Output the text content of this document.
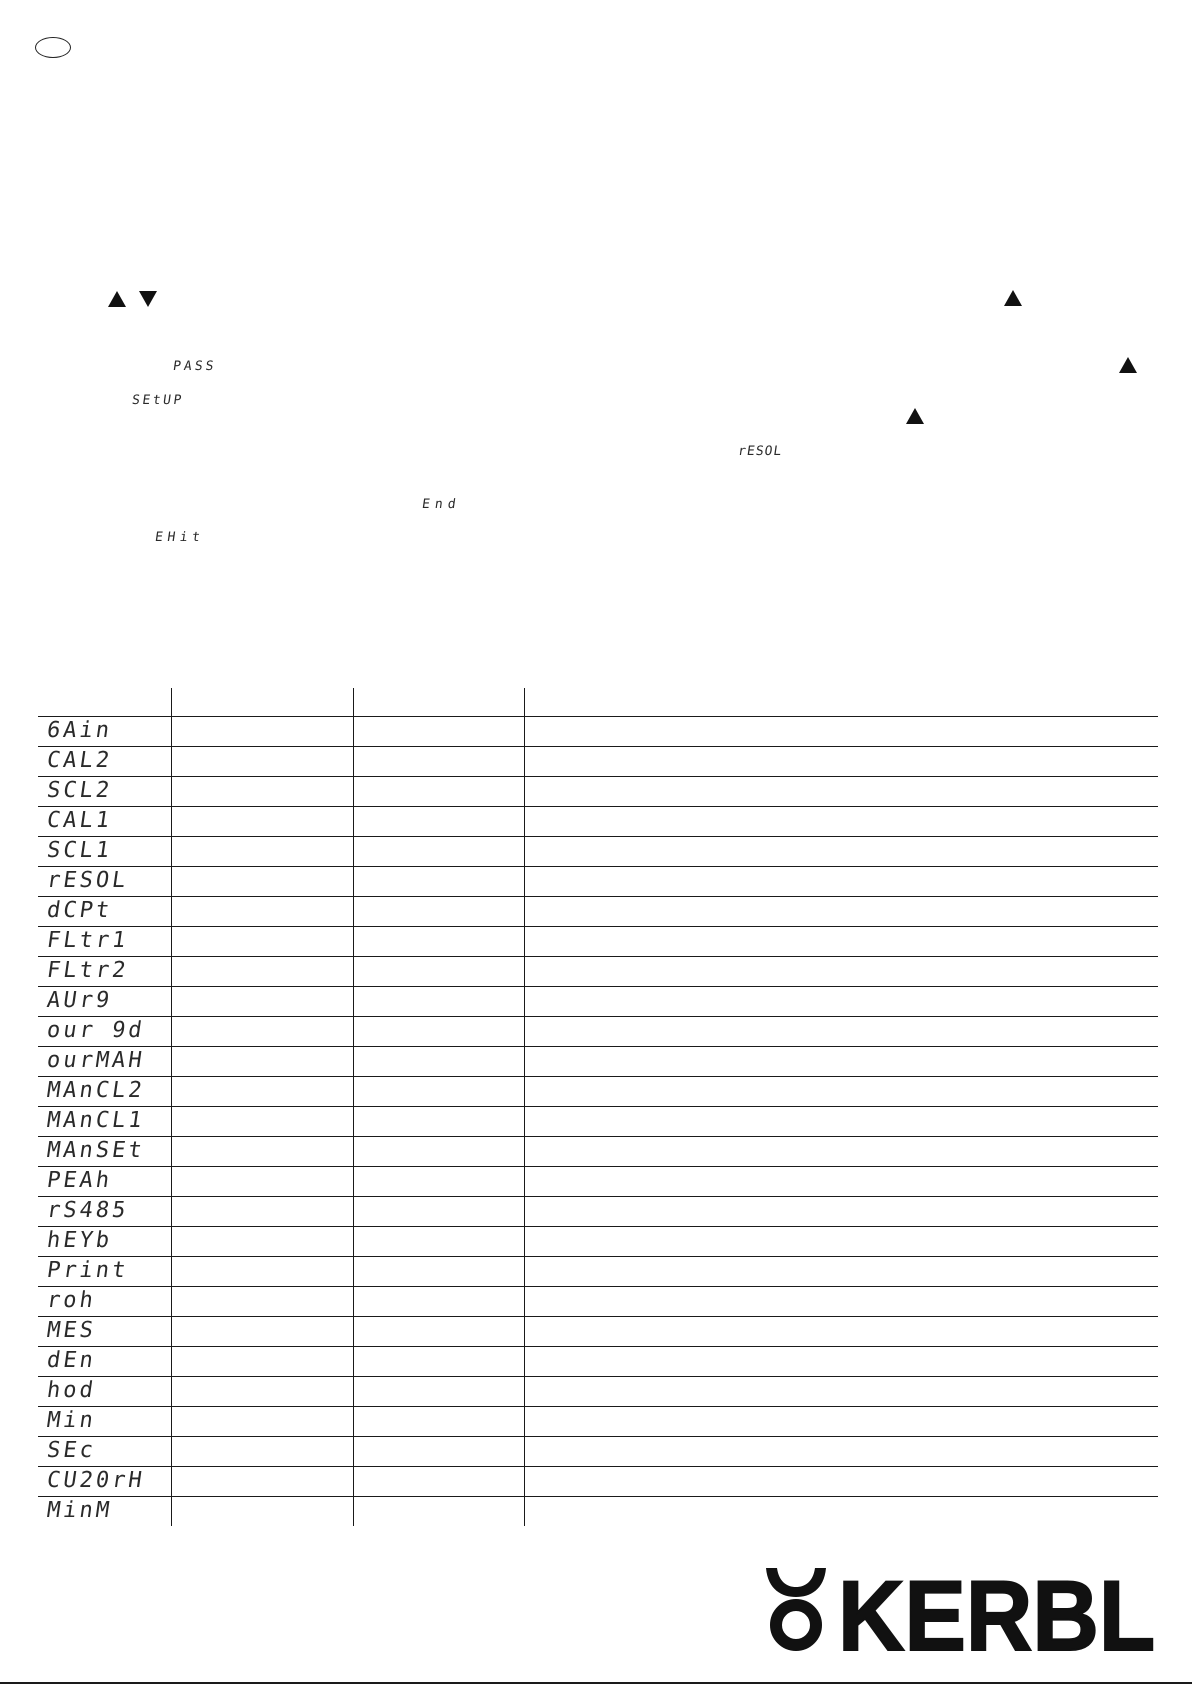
PASS
SEtUP
rESOL
End
EHit
6Ain
CAL2
SCL2
CAL1
SCL1
rESOL
dCPt
FLtr1
FLtr2
AUr9
our 9d
ourMAH
MAnCL2
MAnCL1
MAnSEt
PEAh
rS485
hEYb
Print
roh
MES
dEn
hod
Min
SEc
CU20rH
MinM
KERBL
